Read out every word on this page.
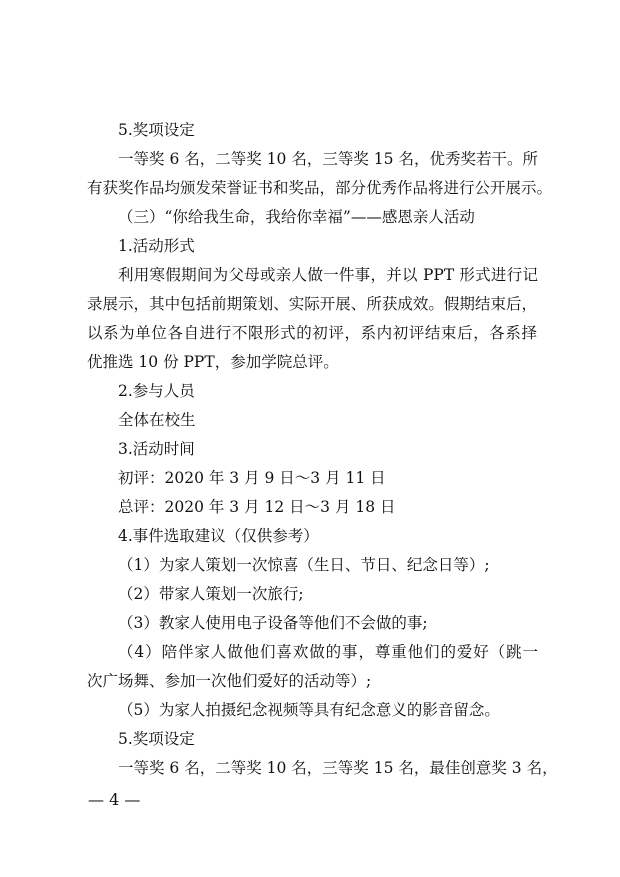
5.奖项设定
一等奖 6 名，二等奖 10 名，三等奖 15 名，优秀奖若干。所
有获奖作品均颁发荣誉证书和奖品，部分优秀作品将进行公开展示。
（三）“你给我生命，我给你幸福”——感恩亲人活动
1.活动形式
利用寒假期间为父母或亲人做一件事，并以 PPT 形式进行记
录展示，其中包括前期策划、实际开展、所获成效。假期结束后，
以系为单位各自进行不限形式的初评，系内初评结束后，各系择
优推选 10 份 PPT，参加学院总评。
2.参与人员
全体在校生
3.活动时间
初评：2020 年 3 月 9 日～3 月 11 日
总评：2020 年 3 月 12 日～3 月 18 日
4.事件选取建议（仅供参考）
（1）为家人策划一次惊喜（生日、节日、纪念日等）;
（2）带家人策划一次旅行;
（3）教家人使用电子设备等他们不会做的事;
（4）陪伴家人做他们喜欢做的事，尊重他们的爱好（跳一
次广场舞、参加一次他们爱好的活动等）;
（5）为家人拍摄纪念视频等具有纪念意义的影音留念。
5.奖项设定
一等奖 6 名，二等奖 10 名，三等奖 15 名，最佳创意奖 3 名，
— 4 —
